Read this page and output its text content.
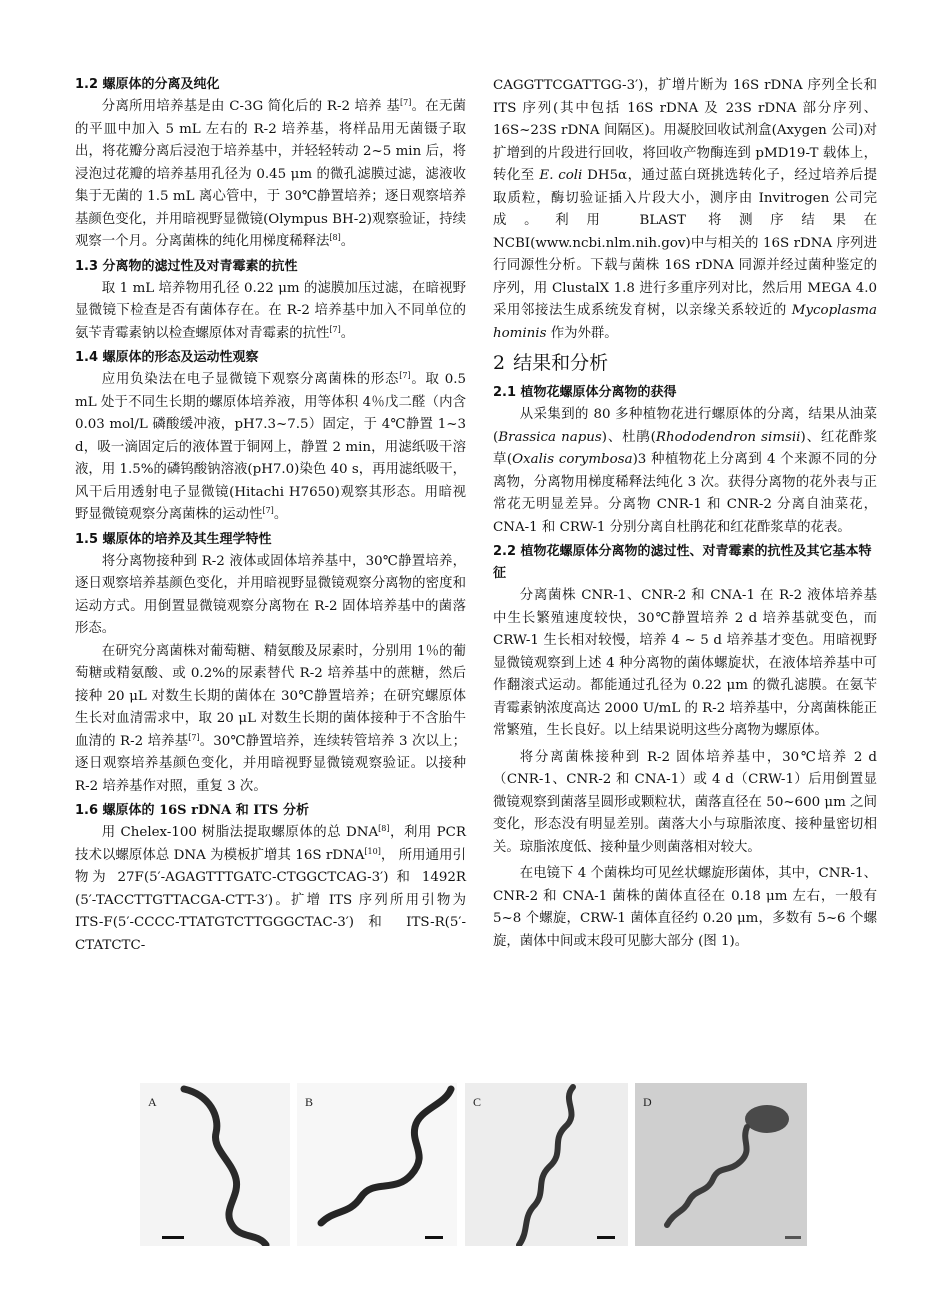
1.2 螺原体的分离及纯化

分离所用培养基是由 C-3G 简化后的 R-2 培养 基[7]。在无菌的平皿中加入 5 mL 左右的 R-2 培养基，将样品用无菌镊子取出，将花瓣分离后浸泡于培养基中，并轻轻转动 2~5 min 后，将浸泡过花瓣的培养基用孔径为 0.45 μm 的微孔滤膜过滤，滤液收集于无菌的 1.5 mL 离心管中，于 30℃静置培养；逐日观察培养基颜色变化，并用暗视野显微镜(Olympus BH-2)观察验证，持续观察一个月。分离菌株的纯化用梯度稀释法[8]。

1.3 分离物的滤过性及对青霉素的抗性

取 1 mL 培养物用孔径 0.22 μm 的滤膜加压过滤，在暗视野显微镜下检查是否有菌体存在。在 R-2 培养基中加入不同单位的氨苄青霉素钠以检查螺原体对青霉素的抗性[7]。

1.4 螺原体的形态及运动性观察

应用负染法在电子显微镜下观察分离菌株的形态[7]。取 0.5 mL 处于不同生长期的螺原体培养液，用等体积 4％戊二醛（内含 0.03 mol/L 磷酸缓冲液，pH7.3~7.5）固定，于 4℃静置 1~3 d，吸一滴固定后的液体置于铜网上，静置 2 min，用滤纸吸干溶液，用 1.5%的磷钨酸钠溶液(pH7.0)染色 40 s，再用滤纸吸干，风干后用透射电子显微镜(Hitachi H7650)观察其形态。用暗视野显微镜观察分离菌株的运动性[7]。

1.5 螺原体的培养及其生理学特性

将分离物接种到 R-2 液体或固体培养基中，30℃静置培养，逐日观察培养基颜色变化，并用暗视野显微镜观察分离物的密度和运动方式。用倒置显微镜观察分离物在 R-2 固体培养基中的菌落形态。

在研究分离菌株对葡萄糖、精氨酸及尿素时，分别用 1％的葡萄糖或精氨酸、或 0.2%的尿素替代 R-2 培养基中的蔗糖，然后接种 20 μL 对数生长期的菌体在 30℃静置培养；在研究螺原体生长对血清需求中，取 20 μL 对数生长期的菌体接种于不含胎牛血清的 R-2 培养基[7]。30℃静置培养，连续转管培养 3 次以上；逐日观察培养基颜色变化，并用暗视野显微镜观察验证。以接种 R-2 培养基作对照，重复 3 次。

1.6 螺原体的 16S rDNA 和 ITS 分析

用 Chelex-100 树脂法提取螺原体的总 DNA[8]，利用 PCR 技术以螺原体总 DNA 为模板扩增其 16S rDNA[10]， 所用通用引物为 27F(5′-AGAGTTTGATC-CTGGCTCAG-3′) 和 1492R (5′-TACCTTGTTACGA-CTT-3′)。扩增 ITS 序列所用引物为 ITS-F(5′-CCCC-TTATGTCTTGGGCTAC-3′) 和 ITS-R(5′-CTATCTC-

CAGGTTCGATTGG-3′)，扩增片断为 16S rDNA 序列全长和 ITS 序列(其中包括 16S rDNA 及 23S rDNA 部分序列、16S~23S rDNA 间隔区)。用凝胶回收试剂盒(Axygen 公司)对扩增到的片段进行回收，将回收产物酶连到 pMD19-T 载体上，转化至 E. coli DH5α，通过蓝白斑挑选转化子，经过培养后提取质粒，酶切验证插入片段大小，测序由 Invitrogen 公司完成。利用 BLAST 将测序结果在 NCBI(www.ncbi.nlm.nih.gov)中与相关的 16S rDNA 序列进行同源性分析。下载与菌株 16S rDNA 同源并经过菌种鉴定的序列，用 ClustalX 1.8 进行多重序列对比，然后用 MEGA 4.0 采用邻接法生成系统发育树，以亲缘关系较近的 Mycoplasma hominis 作为外群。

2 结果和分析
2.1 植物花螺原体分离物的获得

从采集到的 80 多种植物花进行螺原体的分离，结果从油菜(Brassica napus)、杜鹃(Rhododendron simsii)、红花酢浆草(Oxalis corymbosa)3 种植物花上分离到 4 个来源不同的分离物，分离物用梯度稀释法纯化 3 次。获得分离物的花外表与正常花无明显差异。分离物 CNR-1 和 CNR-2 分离自油菜花，CNA-1 和 CRW-1 分别分离自杜鹃花和红花酢浆草的花表。

2.2 植物花螺原体分离物的滤过性、对青霉素的抗性及其它基本特征

分离菌株 CNR-1、CNR-2 和 CNA-1 在 R-2 液体培养基中生长繁殖速度较快，30℃静置培养 2 d 培养基就变色，而 CRW-1 生长相对较慢，培养 4 ~ 5 d 培养基才变色。用暗视野显微镜观察到上述 4 种分离物的菌体螺旋状，在液体培养基中可作翻滚式运动。都能通过孔径为 0.22 μm 的微孔滤膜。在氨苄青霉素钠浓度高达 2000 U/mL 的 R-2 培养基中，分离菌株能正常繁殖，生长良好。以上结果说明这些分离物为螺原体。

将分离菌株接种到 R-2 固体培养基中，30℃培养 2 d（CNR-1、CNR-2 和 CNA-1）或 4 d（CRW-1）后用倒置显微镜观察到菌落呈圆形或颗粒状，菌落直径在 50~600 μm 之间变化，形态没有明显差别。菌落大小与琼脂浓度、接种量密切相关。琼脂浓度低、接种量少则菌落相对较大。

在电镜下 4 个菌株均可见丝状螺旋形菌体，其中，CNR-1、CNR-2 和 CNA-1 菌株的菌体直径在 0.18 μm 左右，一般有 5~8 个螺旋，CRW-1 菌体直径约 0.20 μm，多数有 5~6 个螺旋，菌体中间或末段可见膨大部分 (图 1)。

A	B	C	D
